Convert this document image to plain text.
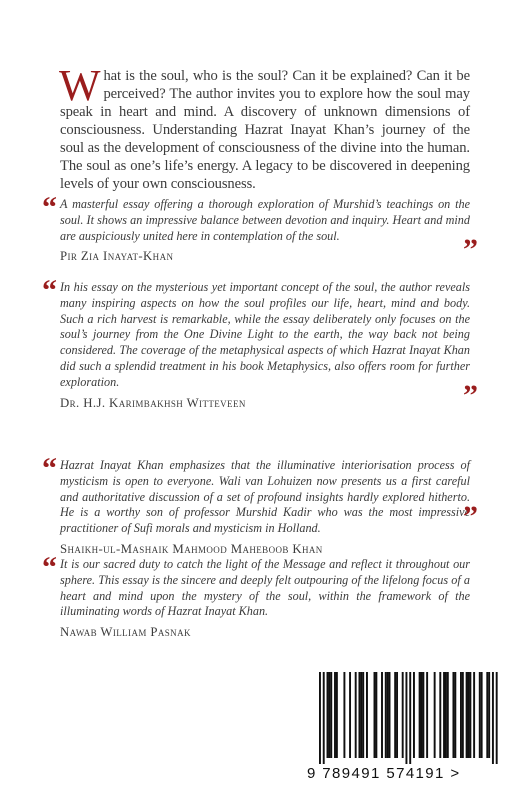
What is the soul, who is the soul? Can it be explained? Can it be perceived? The author invites you to explore how the soul may speak in heart and mind. A discovery of unknown dimensions of consciousness. Understanding Hazrat Inayat Khan’s journey of the soul as the development of consciousness of the divine into the human. The soul as one’s life’s energy. A legacy to be discovered in deepening levels of your own consciousness.
“ A masterful essay offering a thorough exploration of Murshid’s teachings on the soul. It shows an impressive balance between devotion and inquiry. Heart and mind are auspiciously united here in contemplation of the soul.	”
Pir Zia Inayat-Khan
“ In his essay on the mysterious yet important concept of the soul, the author reveals many inspiring aspects on how the soul profiles our life, heart, mind and body. Such a rich harvest is remarkable, while the essay deliberately only focuses on the soul’s journey from the One Divine Light to the earth, the way back not being considered. The coverage of the metaphysical aspects of which Hazrat Inayat Khan did such a splendid treatment in his book Metaphysics, also offers room for further exploration.	”
Dr. H.J. Karimbakhsh Witteveen
“ Hazrat Inayat Khan emphasizes that the illuminative interiorisation process of mysticism is open to everyone. Wali van Lohuizen now presents us a first careful and authoritative discussion of a set of profound insights hardly explored hitherto. He is a worthy son of professor Murshid Kadir who was the most impressive practitioner of Sufi morals and mysticism in Holland.	”
Shaikh-ul-Mashaik Mahmood Maheboob Khan
“ It is our sacred duty to catch the light of the Message and reflect it throughout our sphere. This essay is the sincere and deeply felt outpouring of the lifelong focus of a heart and mind upon the mystery of the soul, within the framework of the illuminating words of Hazrat Inayat Khan.
Nawab William Pasnak
9 789491 574191 >
